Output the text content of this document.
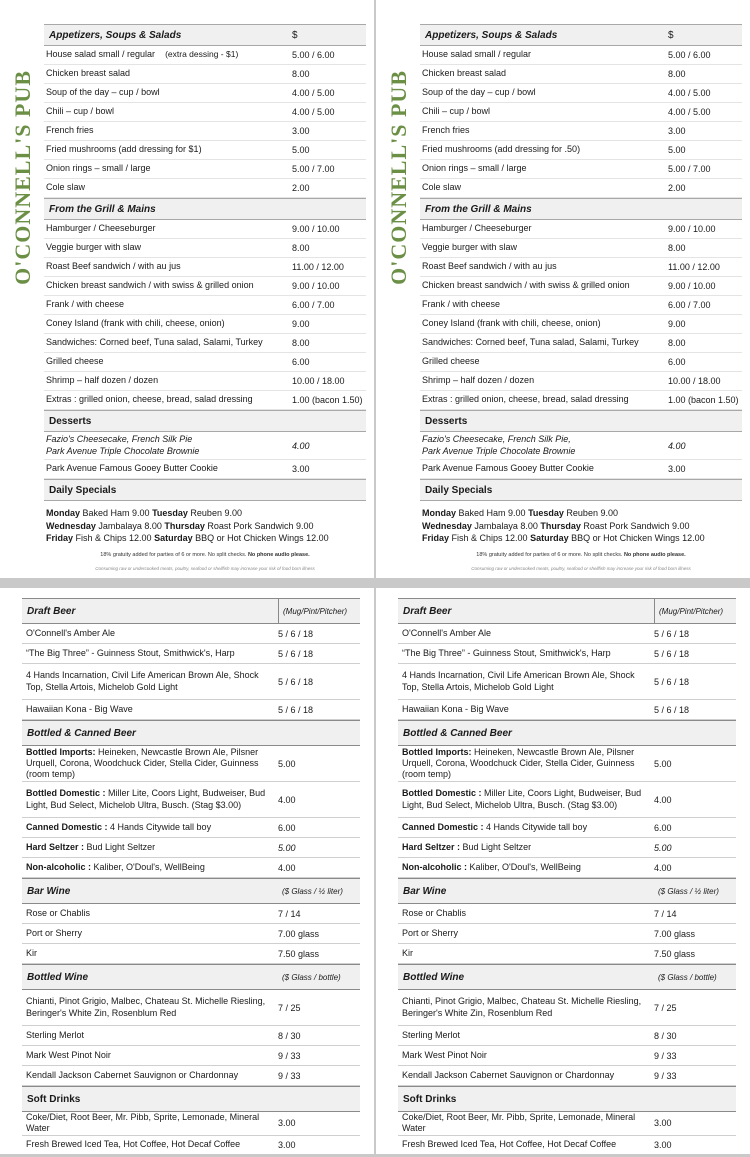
O'CONNELL'S PUB
Appetizers, Soups & Salads	$
House salad small / regular (extra dessing - $1)	5.00 / 6.00
Chicken breast salad	8.00
Soup of the day – cup / bowl	4.00 / 5.00
Chili – cup / bowl	4.00 / 5.00
French fries	3.00
Fried mushrooms (add dressing for $1)	5.00
Onion rings – small / large	5.00 / 7.00
Cole slaw	2.00
From the Grill & Mains
Hamburger / Cheeseburger	9.00 / 10.00
Veggie burger with slaw	8.00
Roast Beef sandwich / with au jus	11.00 / 12.00
Chicken breast sandwich / with swiss & grilled onion	9.00 / 10.00
Frank / with cheese	6.00 / 7.00
Coney Island (frank with chili, cheese, onion)	9.00
Sandwiches: Corned beef, Tuna salad, Salami, Turkey	8.00
Grilled cheese	6.00
Shrimp – half dozen / dozen	10.00 / 18.00
Extras : grilled onion, cheese, bread, salad dressing	1.00 (bacon 1.50)
Desserts
Fazio's Cheesecake, French Silk Pie
Park Avenue Triple Chocolate Brownie	4.00
Park Avenue Famous Gooey Butter Cookie	3.00
Daily Specials
Monday Baked Ham 9.00 Tuesday Reuben 9.00
Wednesday Jambalaya 8.00 Thursday Roast Pork Sandwich 9.00
Friday Fish & Chips 12.00 Saturday BBQ or Hot Chicken Wings 12.00
18% gratuity added for parties of 6 or more. No split checks. No phone audio please.
Consuming raw or undercooked meats, poultry, seafood or shellfish may increase your risk of food born illness
O'CONNELL'S PUB
Appetizers, Soups & Salads	$
House salad small / regular	5.00 / 6.00
Chicken breast salad	8.00
Soup of the day – cup / bowl	4.00 / 5.00
Chili – cup / bowl	4.00 / 5.00
French fries	3.00
Fried mushrooms (add dressing for .50)	5.00
Onion rings – small / large	5.00 / 7.00
Cole slaw	2.00
From the Grill & Mains
Hamburger / Cheeseburger	9.00 / 10.00
Veggie burger with slaw	8.00
Roast Beef sandwich / with au jus	11.00 / 12.00
Chicken breast sandwich / with swiss & grilled onion	9.00 / 10.00
Frank / with cheese	6.00 / 7.00
Coney Island (frank with chili, cheese, onion)	9.00
Sandwiches: Corned beef, Tuna salad, Salami, Turkey	8.00
Grilled cheese	6.00
Shrimp – half dozen / dozen	10.00 / 18.00
Extras : grilled onion, cheese, bread, salad dressing	1.00 (bacon 1.50)
Desserts
Fazio's Cheesecake, French Silk Pie,
Park Avenue Triple Chocolate Brownie	4.00
Park Avenue Famous Gooey Butter Cookie	3.00
Daily Specials
Monday Baked Ham 9.00 Tuesday Reuben 9.00
Wednesday Jambalaya 8.00 Thursday Roast Pork Sandwich 9.00
Friday Fish & Chips 12.00 Saturday BBQ or Hot Chicken Wings 12.00
18% gratuity added for parties of 6 or more. No split checks. No phone audio please.
Consuming raw or undercooked meats, poultry, seafood or shellfish may increase your risk of food born illness
Draft Beer	(Mug/Pint/Pitcher)
O'Connell's Amber Ale	5 / 6 / 18
“The Big Three” - Guinness Stout, Smithwick's, Harp	5 / 6 / 18
4 Hands Incarnation, Civil Life American Brown Ale, Shock Top, Stella Artois, Michelob Gold Light	5 / 6 / 18
Hawaiian Kona - Big Wave	5 / 6 / 18
Bottled & Canned Beer
Bottled Imports: Heineken, Newcastle Brown Ale, Pilsner Urquell, Corona, Woodchuck Cider, Stella Cider, Guinness (room temp)
5.00
Bottled Domestic : Miller Lite, Coors Light, Budweiser, Bud Light, Bud Select, Michelob Ultra, Busch. (Stag $3.00)	4.00
Canned Domestic : 4 Hands Citywide tall boy	6.00
Hard Seltzer : Bud Light Seltzer	5.00
Non-alcoholic : Kaliber, O'Doul's, WellBeing	4.00
Bar Wine	($ Glass / ½ liter)
Rose or Chablis	7 / 14
Port or Sherry	7.00 glass
Kir	7.50 glass
Bottled Wine	($ Glass / bottle)
Chianti, Pinot Grigio, Malbec, Chateau St. Michelle Riesling, Beringer's White Zin, Rosenblum Red	7 / 25
Sterling Merlot	8 / 30
Mark West Pinot Noir	9 / 33
Kendall Jackson Cabernet Sauvignon or Chardonnay	9 / 33
Soft Drinks
Coke/Diet, Root Beer, Mr. Pibb, Sprite, Lemonade, Mineral Water	3.00
Fresh Brewed Iced Tea, Hot Coffee, Hot Decaf Coffee	3.00
Draft Beer	(Mug/Pint/Pitcher)
O'Connell's Amber Ale	5 / 6 / 18
“The Big Three” - Guinness Stout, Smithwick's, Harp	5 / 6 / 18
4 Hands Incarnation, Civil Life American Brown Ale, Shock Top, Stella Artois, Michelob Gold Light	5 / 6 / 18
Hawaiian Kona - Big Wave	5 / 6 / 18
Bottled & Canned Beer
Bottled Imports: Heineken, Newcastle Brown Ale, Pilsner Urquell, Corona, Woodchuck Cider, Stella Cider, Guinness (room temp)
5.00
Bottled Domestic : Miller Lite, Coors Light, Budweiser, Bud Light, Bud Select, Michelob Ultra, Busch. (Stag $3.00)	4.00
Canned Domestic : 4 Hands Citywide tall boy	6.00
Hard Seltzer : Bud Light Seltzer	5.00
Non-alcoholic : Kaliber, O'Doul's, WellBeing	4.00
Bar Wine	($ Glass / ½ liter)
Rose or Chablis	7 / 14
Port or Sherry	7.00 glass
Kir	7.50 glass
Bottled Wine	($ Glass / bottle)
Chianti, Pinot Grigio, Malbec, Chateau St. Michelle Riesling, Beringer's White Zin, Rosenblum Red	7 / 25
Sterling Merlot	8 / 30
Mark West Pinot Noir	9 / 33
Kendall Jackson Cabernet Sauvignon or Chardonnay	9 / 33
Soft Drinks
Coke/Diet, Root Beer, Mr. Pibb, Sprite, Lemonade, Mineral Water	3.00
Fresh Brewed Iced Tea, Hot Coffee, Hot Decaf Coffee	3.00
